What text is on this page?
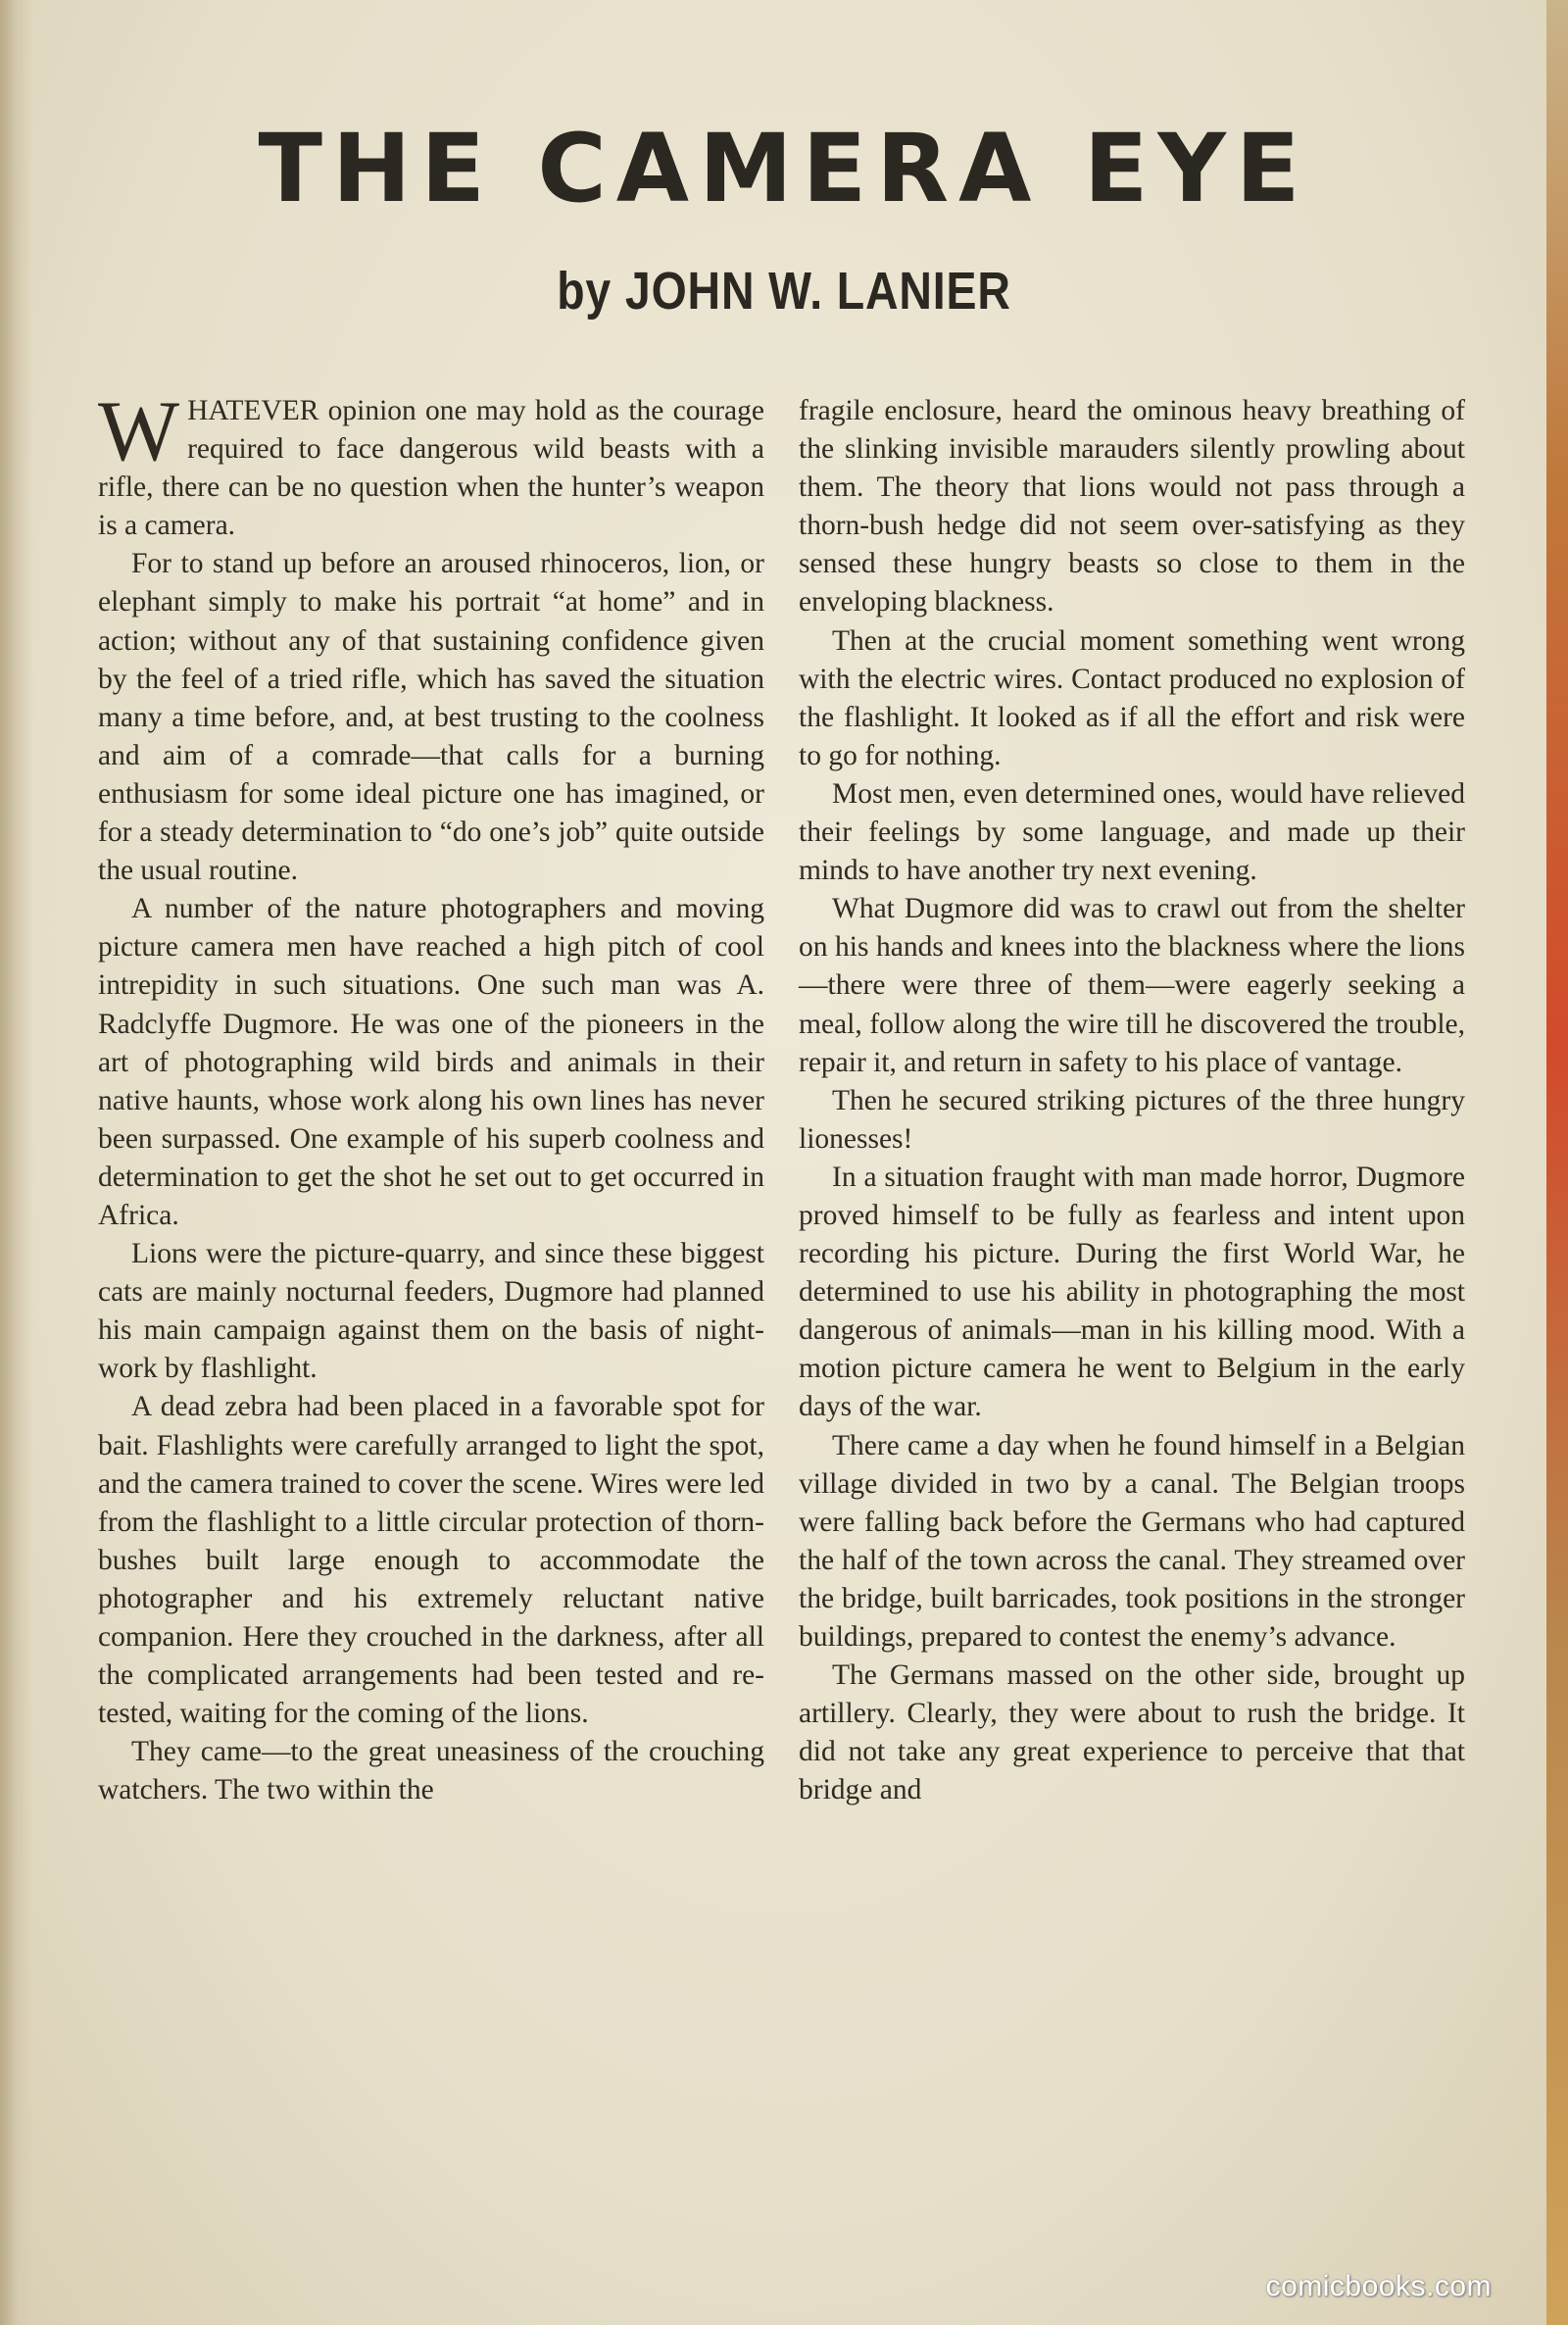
THE CAMERA EYE
by JOHN W. LANIER

WHATEVER opinion one may hold as the courage required to face dangerous wild beasts with a rifle, there can be no question when the hunter’s weapon is a camera.

For to stand up before an aroused rhinoceros, lion, or elephant simply to make his portrait “at home” and in action; without any of that sustaining confidence given by the feel of a tried rifle, which has saved the situation many a time before, and, at best trusting to the coolness and aim of a comrade—that calls for a burning enthusiasm for some ideal picture one has imagined, or for a steady determination to “do one’s job” quite outside the usual routine.

A number of the nature photographers and moving picture camera men have reached a high pitch of cool intrepidity in such situations. One such man was A. Radclyffe Dugmore. He was one of the pioneers in the art of photographing wild birds and animals in their native haunts, whose work along his own lines has never been surpassed. One example of his superb coolness and determination to get the shot he set out to get occurred in Africa.

Lions were the picture-quarry, and since these biggest cats are mainly nocturnal feeders, Dugmore had planned his main campaign against them on the basis of night-work by flashlight.

A dead zebra had been placed in a favorable spot for bait. Flashlights were carefully arranged to light the spot, and the camera trained to cover the scene. Wires were led from the flashlight to a little circular protection of thorn-bushes built large enough to accommodate the photographer and his extremely reluctant native companion. Here they crouched in the darkness, after all the complicated arrangements had been tested and re-tested, waiting for the coming of the lions.

They came—to the great uneasiness of the crouching watchers. The two within the

fragile enclosure, heard the ominous heavy breathing of the slinking invisible marauders silently prowling about them. The theory that lions would not pass through a thorn-bush hedge did not seem over-satisfying as they sensed these hungry beasts so close to them in the enveloping blackness.

Then at the crucial moment something went wrong with the electric wires. Contact produced no explosion of the flashlight. It looked as if all the effort and risk were to go for nothing.

Most men, even determined ones, would have relieved their feelings by some language, and made up their minds to have another try next evening.

What Dugmore did was to crawl out from the shelter on his hands and knees into the blackness where the lions—there were three of them—were eagerly seeking a meal, follow along the wire till he discovered the trouble, repair it, and return in safety to his place of vantage.

Then he secured striking pictures of the three hungry lionesses!

In a situation fraught with man made horror, Dugmore proved himself to be fully as fearless and intent upon recording his picture. During the first World War, he determined to use his ability in photographing the most dangerous of animals—man in his killing mood. With a motion picture camera he went to Belgium in the early days of the war.

There came a day when he found himself in a Belgian village divided in two by a canal. The Belgian troops were falling back before the Germans who had captured the half of the town across the canal. They streamed over the bridge, built barricades, took positions in the stronger buildings, prepared to contest the enemy’s advance.

The Germans massed on the other side, brought up artillery. Clearly, they were about to rush the bridge. It did not take any great experience to perceive that that bridge and

comicbooks.com
